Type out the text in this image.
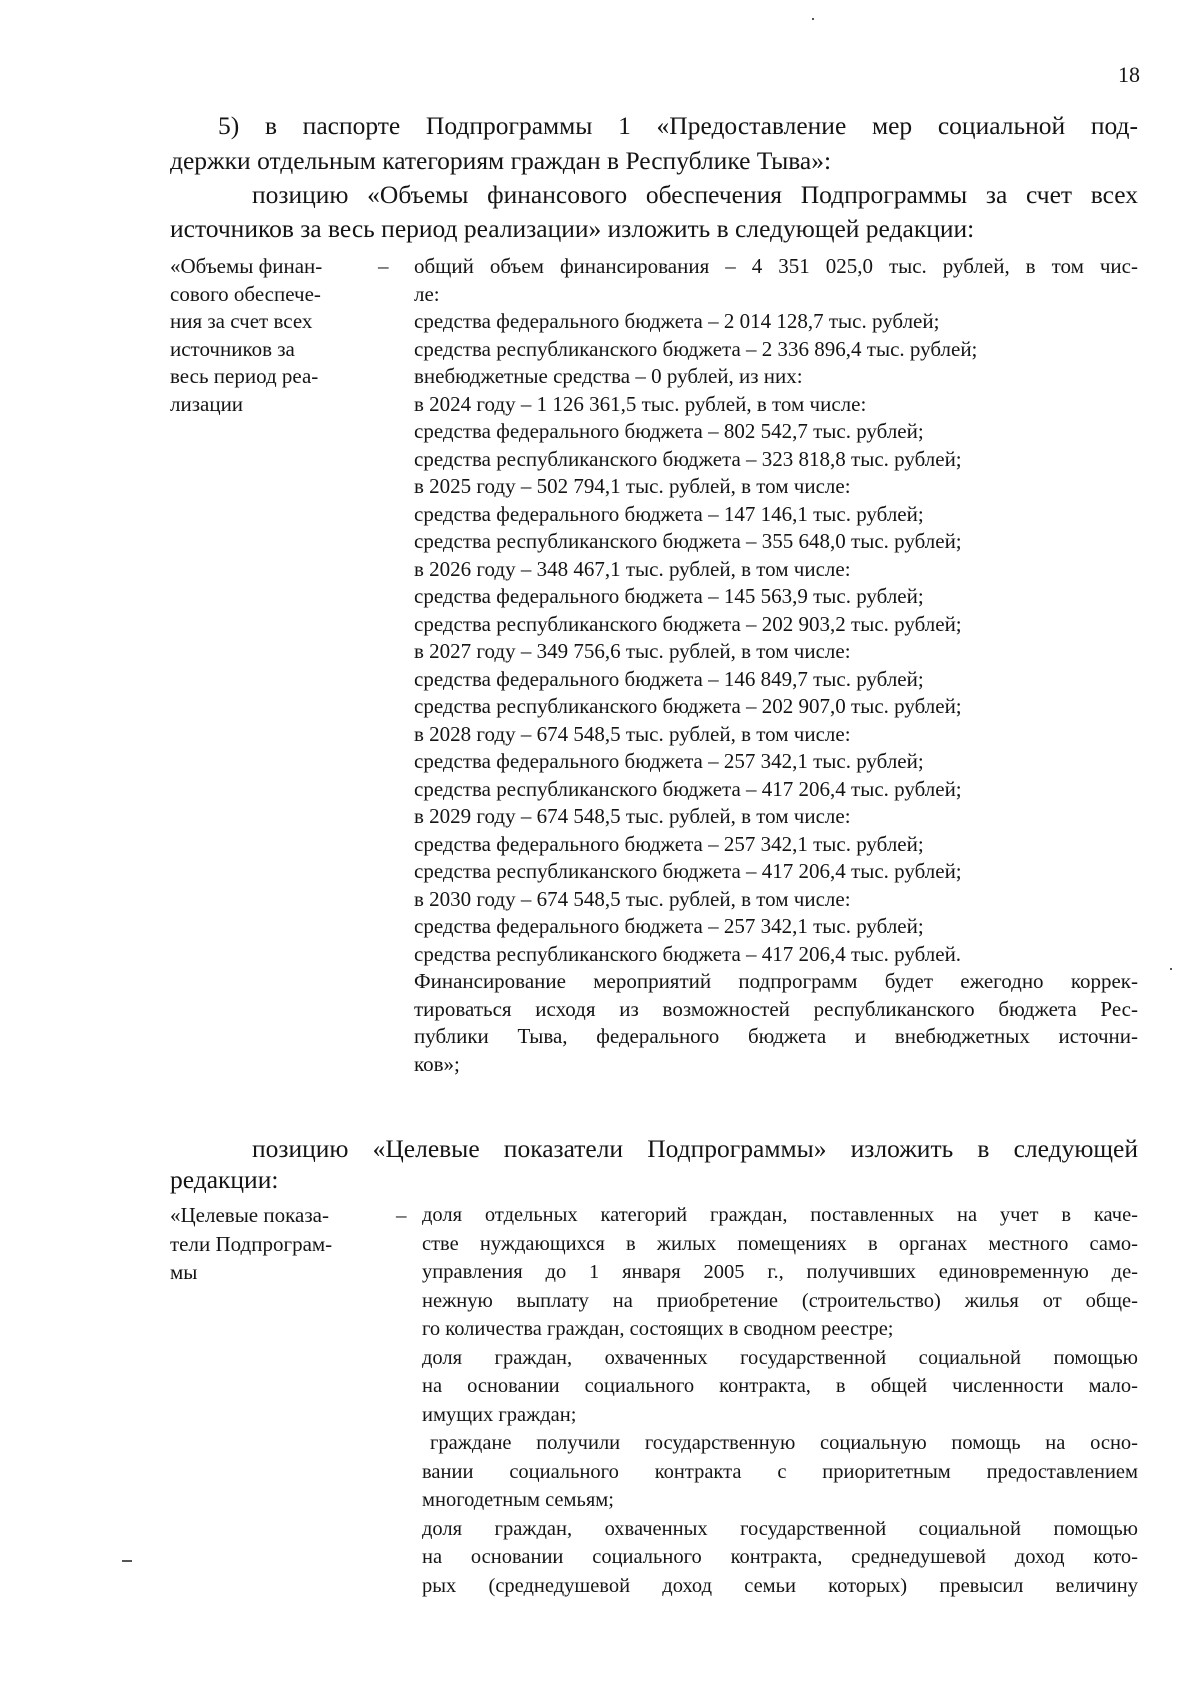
18

5) в паспорте Подпрограммы 1 «Предоставление мер социальной под-

держки отдельным категориям граждан в Республике Тыва»:

позицию «Объемы финансового обеспечения Подпрограммы за счет всех

источников за весь период реализации» изложить в следующей редакции:

«Объемы финан-
сового обеспече-
ния за счет всех
источников за
весь период реа-
лизации
– общий объем финансирования – 4 351 025,0 тыс. рублей, в том чис-
ле:
средства федерального бюджета – 2 014 128,7 тыс. рублей;
средства республиканского бюджета – 2 336 896,4 тыс. рублей;
внебюджетные средства – 0 рублей, из них:
в 2024 году – 1 126 361,5 тыс. рублей, в том числе:
средства федерального бюджета – 802 542,7 тыс. рублей;
средства республиканского бюджета – 323 818,8 тыс. рублей;
в 2025 году – 502 794,1 тыс. рублей, в том числе:
средства федерального бюджета – 147 146,1 тыс. рублей;
средства республиканского бюджета – 355 648,0 тыс. рублей;
в 2026 году – 348 467,1 тыс. рублей, в том числе:
средства федерального бюджета – 145 563,9 тыс. рублей;
средства республиканского бюджета – 202 903,2 тыс. рублей;
в 2027 году – 349 756,6 тыс. рублей, в том числе:
средства федерального бюджета – 146 849,7 тыс. рублей;
средства республиканского бюджета – 202 907,0 тыс. рублей;
в 2028 году – 674 548,5 тыс. рублей, в том числе:
средства федерального бюджета – 257 342,1 тыс. рублей;
средства республиканского бюджета – 417 206,4 тыс. рублей;
в 2029 году – 674 548,5 тыс. рублей, в том числе:
средства федерального бюджета – 257 342,1 тыс. рублей;
средства республиканского бюджета – 417 206,4 тыс. рублей;
в 2030 году – 674 548,5 тыс. рублей, в том числе:
средства федерального бюджета – 257 342,1 тыс. рублей;
средства республиканского бюджета – 417 206,4 тыс. рублей.
Финансирование мероприятий подпрограмм будет ежегодно коррек-
тироваться исходя из возможностей республиканского бюджета Рес-
публики Тыва, федерального бюджета и внебюджетных источни-
ков»;

позицию «Целевые показатели Подпрограммы» изложить в следующей

редакции:

«Целевые показа-
тели Подпрограм-
мы
– доля отдельных категорий граждан, поставленных на учет в каче-
стве нуждающихся в жилых помещениях в органах местного само-
управления до 1 января 2005 г., получивших единовременную де-
нежную выплату на приобретение (строительство) жилья от обще-
го количества граждан, состоящих в сводном реестре;
доля граждан, охваченных государственной социальной помощью
на основании социального контракта, в общей численности мало-
имущих граждан;
граждане получили государственную социальную помощь на осно-
вании социального контракта с приоритетным предоставлением
многодетным семьям;
доля граждан, охваченных государственной социальной помощью
на основании социального контракта, среднедушевой доход кото-
рых (среднедушевой доход семьи которых) превысил величину
